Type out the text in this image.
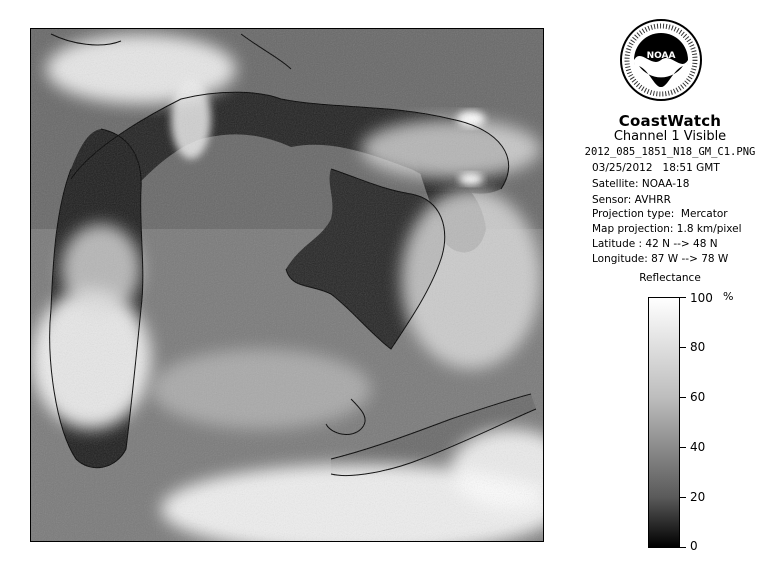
NOAA
CoastWatch
Channel 1 Visible
2012_085_1851_N18_GM_C1.PNG
03/25/2012   18:51 GMT
Satellite: NOAA-18
Sensor: AVHRR
Projection type:  Mercator
Map projection: 1.8 km/pixel
Latitude : 42 N --> 48 N
Longitude: 87 W --> 78 W
Reflectance
%
100
80
60
40
20
0
